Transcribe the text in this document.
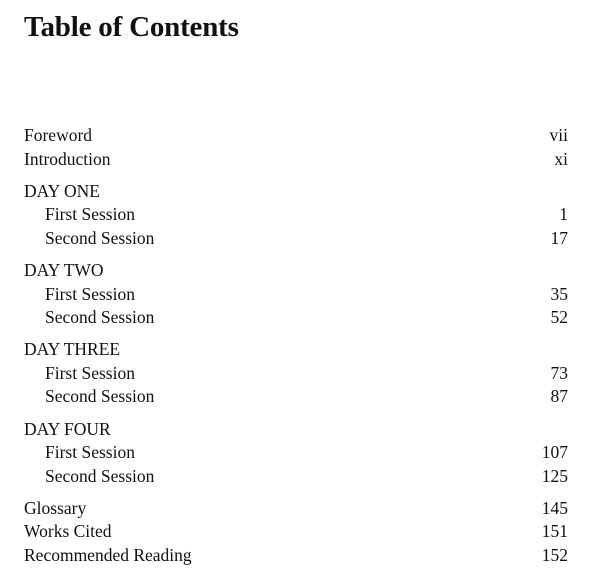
Table of Contents
Foreword	vii
Introduction	xi
DAY ONE
First Session	1
Second Session	17
DAY TWO
First Session	35
Second Session	52
DAY THREE
First Session	73
Second Session	87
DAY FOUR
First Session	107
Second Session	125
Glossary	145
Works Cited	151
Recommended Reading	152
